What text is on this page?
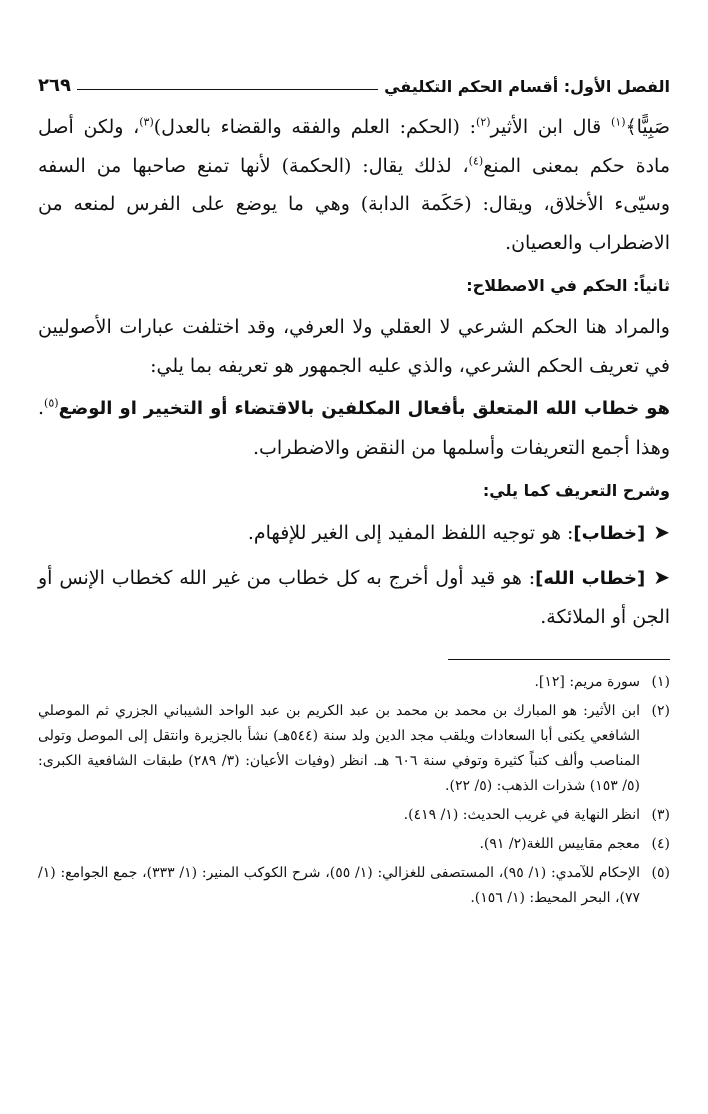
الفصل الأول: أقسام الحكم التكليفي
٢٦٩

صَبِيًّا﴾$^{(١)}$ قال ابن الأثير$^{(٢)}$: (الحكم: العلم والفقه والقضاء بالعدل)$^{(٣)}$، ولكن أصل مادة حكم بمعنى المنع$^{(٤)}$، لذلك يقال: (الحكمة) لأنها تمنع صاحبها من السفه وسيّىء الأخلاق، ويقال: (حَكَمة الدابة) وهي ما يوضع على الفرس لمنعه من الاضطراب والعصيان.

ثانياً: الحكم في الاصطلاح:

والمراد هنا الحكم الشرعي لا العقلي ولا العرفي، وقد اختلفت عبارات الأصوليين في تعريف الحكم الشرعي، والذي عليه الجمهور هو تعريفه بما يلي:

هو خطاب الله المتعلق بأفعال المكلفين بالاقتضاء أو التخيير او الوضع$^{(٥)}$. وهذا أجمع التعريفات وأسلمها من النقض والاضطراب.

وشرح التعريف كما يلي:

➤[خطاب]: هو توجيه اللفظ المفيد إلى الغير للإفهام.

➤[خطاب الله]: هو قيد أول أخرج به كل خطاب من غير الله كخطاب الإنس أو الجن أو الملائكة.

(١)
سورة مريم: [١٢].
(٢)
ابن الأثير: هو المبارك بن محمد بن محمد بن عبد الكريم بن عبد الواحد الشيباني الجزري ثم الموصلي الشافعي يكنى أبا السعادات ويلقب مجد الدين ولد سنة (٥٤٤هـ) نشأ بالجزيرة وانتقل إلى الموصل وتولى المناصب وألف كتباً كثيرة وتوفي سنة ٦٠٦ هـ. انظر (وفيات الأعيان: (٣/ ٢٨٩) طبقات الشافعية الكبرى: (٥/ ١٥٣) شذرات الذهب: (٥/ ٢٢).
(٣)
انظر النهاية في غريب الحديث: (١/ ٤١٩).
(٤)
معجم مقاييس اللغة(٢/ ٩١).
(٥)
الإحكام للآمدي: (١/ ٩٥)، المستصفى للغزالي: (١/ ٥٥)، شرح الكوكب المنير: (١/ ٣٣٣)، جمع الجوامع: (١/ ٧٧)، البحر المحيط: (١/ ١٥٦).
